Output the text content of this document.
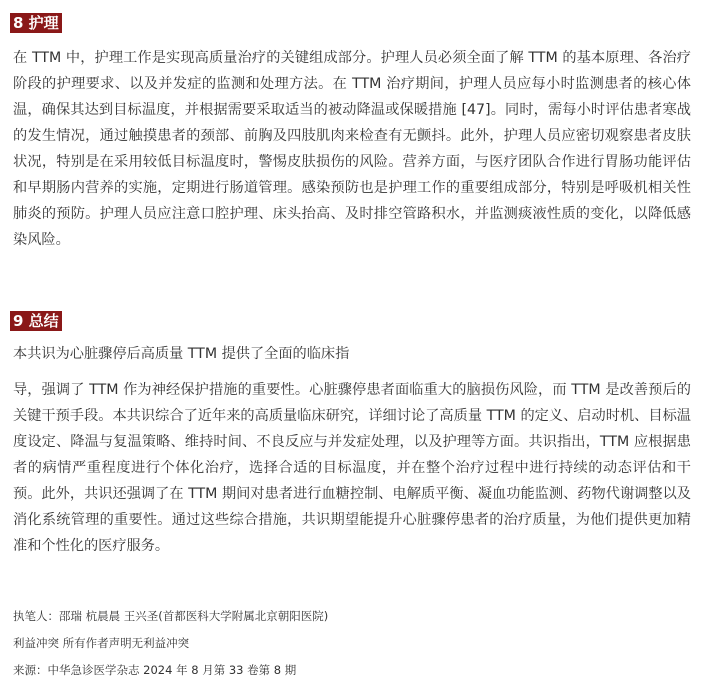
8 护理

在 TTM 中，护理工作是实现高质量治疗的关键组成部分。护理人员必须全面了解 TTM 的基本原理、各治疗阶段的护理要求、以及并发症的监测和处理方法。在 TTM 治疗期间，护理人员应每小时监测患者的核心体温，确保其达到目标温度，并根据需要采取适当的被动降温或保暖措施 [47]。同时，需每小时评估患者寒战的发生情况，通过触摸患者的颈部、前胸及四肢肌肉来检查有无颤抖。此外，护理人员应密切观察患者皮肤状况，特别是在采用较低目标温度时，警惕皮肤损伤的风险。营养方面，与医疗团队合作进行胃肠功能评估和早期肠内营养的实施，定期进行肠道管理。感染预防也是护理工作的重要组成部分，特别是呼吸机相关性肺炎的预防。护理人员应注意口腔护理、床头抬高、及时排空管路积水，并监测痰液性质的变化，以降低感染风险。

9 总结

本共识为心脏骤停后高质量 TTM 提供了全面的临床指

导，强调了 TTM 作为神经保护措施的重要性。心脏骤停患者面临重大的脑损伤风险，而 TTM 是改善预后的关键干预手段。本共识综合了近年来的高质量临床研究，详细讨论了高质量 TTM 的定义、启动时机、目标温度设定、降温与复温策略、维持时间、不良反应与并发症处理，以及护理等方面。共识指出，TTM 应根据患者的病情严重程度进行个体化治疗，选择合适的目标温度，并在整个治疗过程中进行持续的动态评估和干预。此外，共识还强调了在 TTM 期间对患者进行血糖控制、电解质平衡、凝血功能监测、药物代谢调整以及消化系统管理的重要性。通过这些综合措施，共识期望能提升心脏骤停患者的治疗质量，为他们提供更加精准和个性化的医疗服务。

执笔人：邵瑞 杭晨晨 王兴圣(首都医科大学附属北京朝阳医院)

利益冲突 所有作者声明无利益冲突

来源：中华急诊医学杂志 2024 年 8 月第 33 卷第 8 期
